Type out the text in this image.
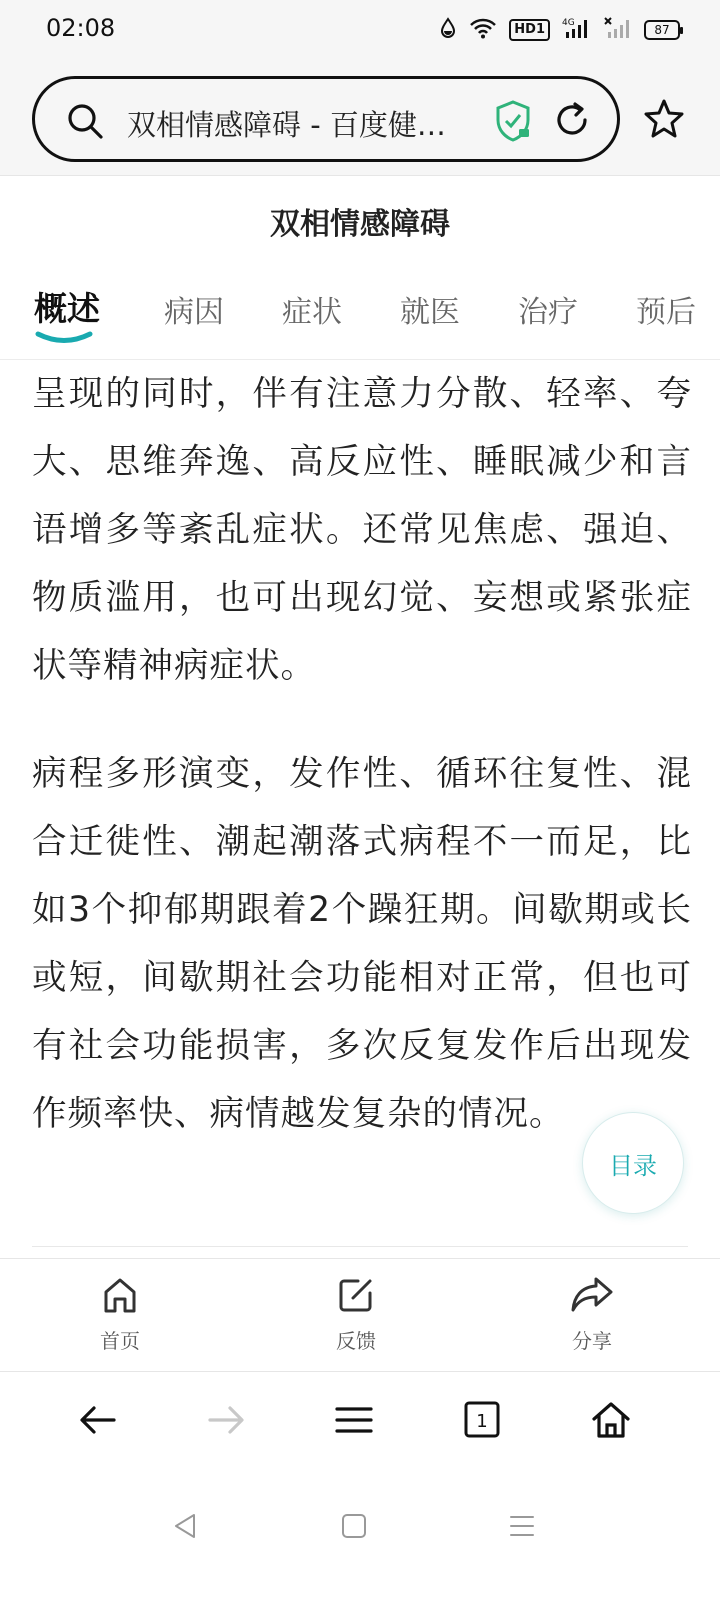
02:08	HD1	4G	87
双相情感障碍 - 百度健…
双相情感障碍
概述 病因 症状 就医 治疗 预后

呈现的同时，伴有注意力分散、轻率、夸大、思维奔逸、高反应性、睡眠减少和言语增多等紊乱症状。还常见焦虑、强迫、物质滥用，也可出现幻觉、妄想或紧张症状等精神病症状。

病程多形演变，发作性、循环往复性、混合迁徙性、潮起潮落式病程不一而足，比如3个抑郁期跟着2个躁狂期。间歇期或长或短，间歇期社会功能相对正常，但也可有社会功能损害，多次反复发作后出现发作频率快、病情越发复杂的情况。

目录
首页	反馈	分享
1
